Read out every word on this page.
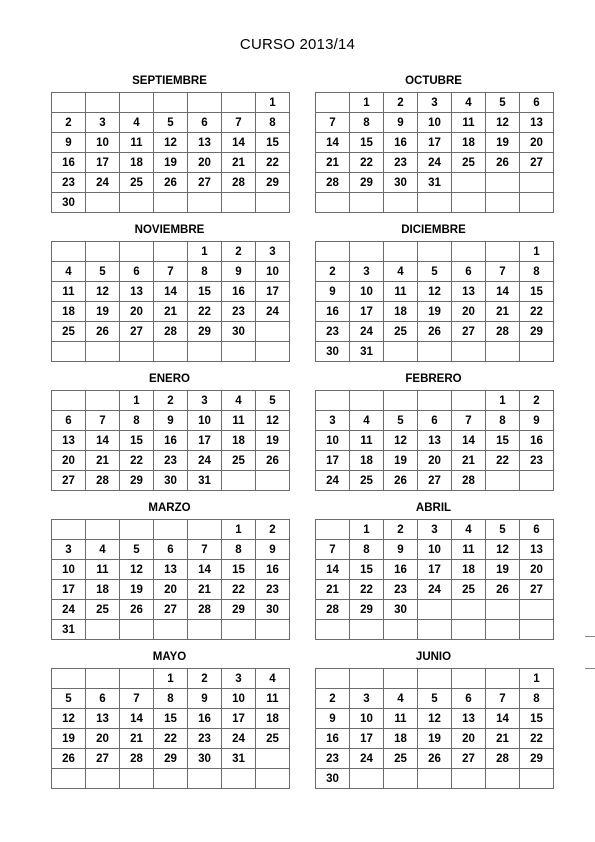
CURSO 2013/14
SEPTIEMBRE
						1
2	3	4	5	6	7	8
9	10	11	12	13	14	15
16	17	18	19	20	21	22
23	24	25	26	27	28	29
30						
OCTUBRE
	1	2	3	4	5	6
7	8	9	10	11	12	13
14	15	16	17	18	19	20
21	22	23	24	25	26	27
28	29	30	31			

NOVIEMBRE
				1	2	3
4	5	6	7	8	9	10
11	12	13	14	15	16	17
18	19	20	21	22	23	24
25	26	27	28	29	30	

DICIEMBRE
						1
2	3	4	5	6	7	8
9	10	11	12	13	14	15
16	17	18	19	20	21	22
23	24	25	26	27	28	29
30	31					
ENERO
		1	2	3	4	5
6	7	8	9	10	11	12
13	14	15	16	17	18	19
20	21	22	23	24	25	26
27	28	29	30	31		
FEBRERO
					1	2
3	4	5	6	7	8	9
10	11	12	13	14	15	16
17	18	19	20	21	22	23
24	25	26	27	28		
MARZO
					1	2
3	4	5	6	7	8	9
10	11	12	13	14	15	16
17	18	19	20	21	22	23
24	25	26	27	28	29	30
31						
ABRIL
	1	2	3	4	5	6
7	8	9	10	11	12	13
14	15	16	17	18	19	20
21	22	23	24	25	26	27
28	29	30				

MAYO
			1	2	3	4
5	6	7	8	9	10	11
12	13	14	15	16	17	18
19	20	21	22	23	24	25
26	27	28	29	30	31	

JUNIO
						1
2	3	4	5	6	7	8
9	10	11	12	13	14	15
16	17	18	19	20	21	22
23	24	25	26	27	28	29
30						
